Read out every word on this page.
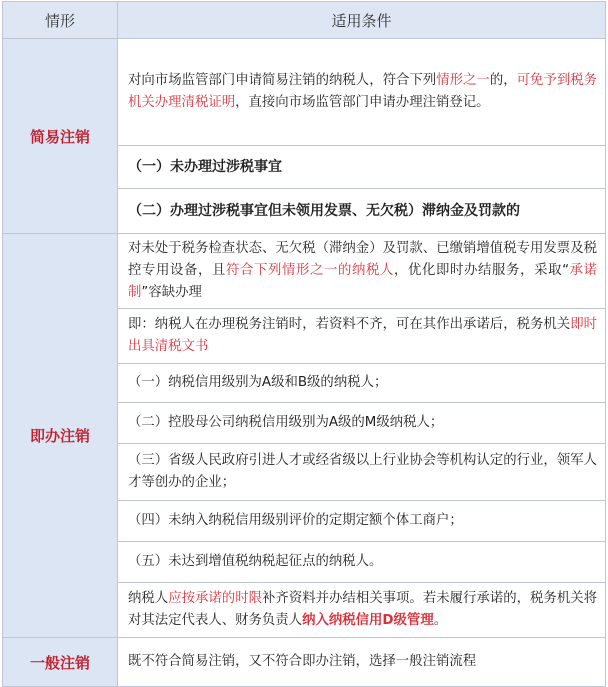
情形	适用条件
简易注销	对向市场监管部门申请简易注销的纳税人，符合下列情形之一的，可免予到税务机关办理清税证明，直接向市场监管部门申请办理注销登记。
	（一）未办理过涉税事宜
	（二）办理过涉税事宜但未领用发票、无欠税）滞纳金及罚款的
即办注销	对未处于税务检查状态、无欠税（滞纳金）及罚款、已缴销增值税专用发票及税控专用设备，且符合下列情形之一的纳税人，优化即时办结服务，采取“承诺制”容缺办理
	即：纳税人在办理税务注销时，若资料不齐，可在其作出承诺后，税务机关即时出具清税文书
	（一）纳税信用级别为A级和B级的纳税人；
	（二）控股母公司纳税信用级别为A级的M级纳税人；
	（三）省级人民政府引进人才或经省级以上行业协会等机构认定的行业，领军人才等创办的企业；
	（四）未纳入纳税信用级别评价的定期定额个体工商户；
	（五）未达到增值税纳税起征点的纳税人。
	纳税人应按承诺的时限补齐资料并办结相关事项。若未履行承诺的，税务机关将对其法定代表人、财务负责人纳入纳税信用D级管理。
一般注销	既不符合简易注销，又不符合即办注销，选择一般注销流程
